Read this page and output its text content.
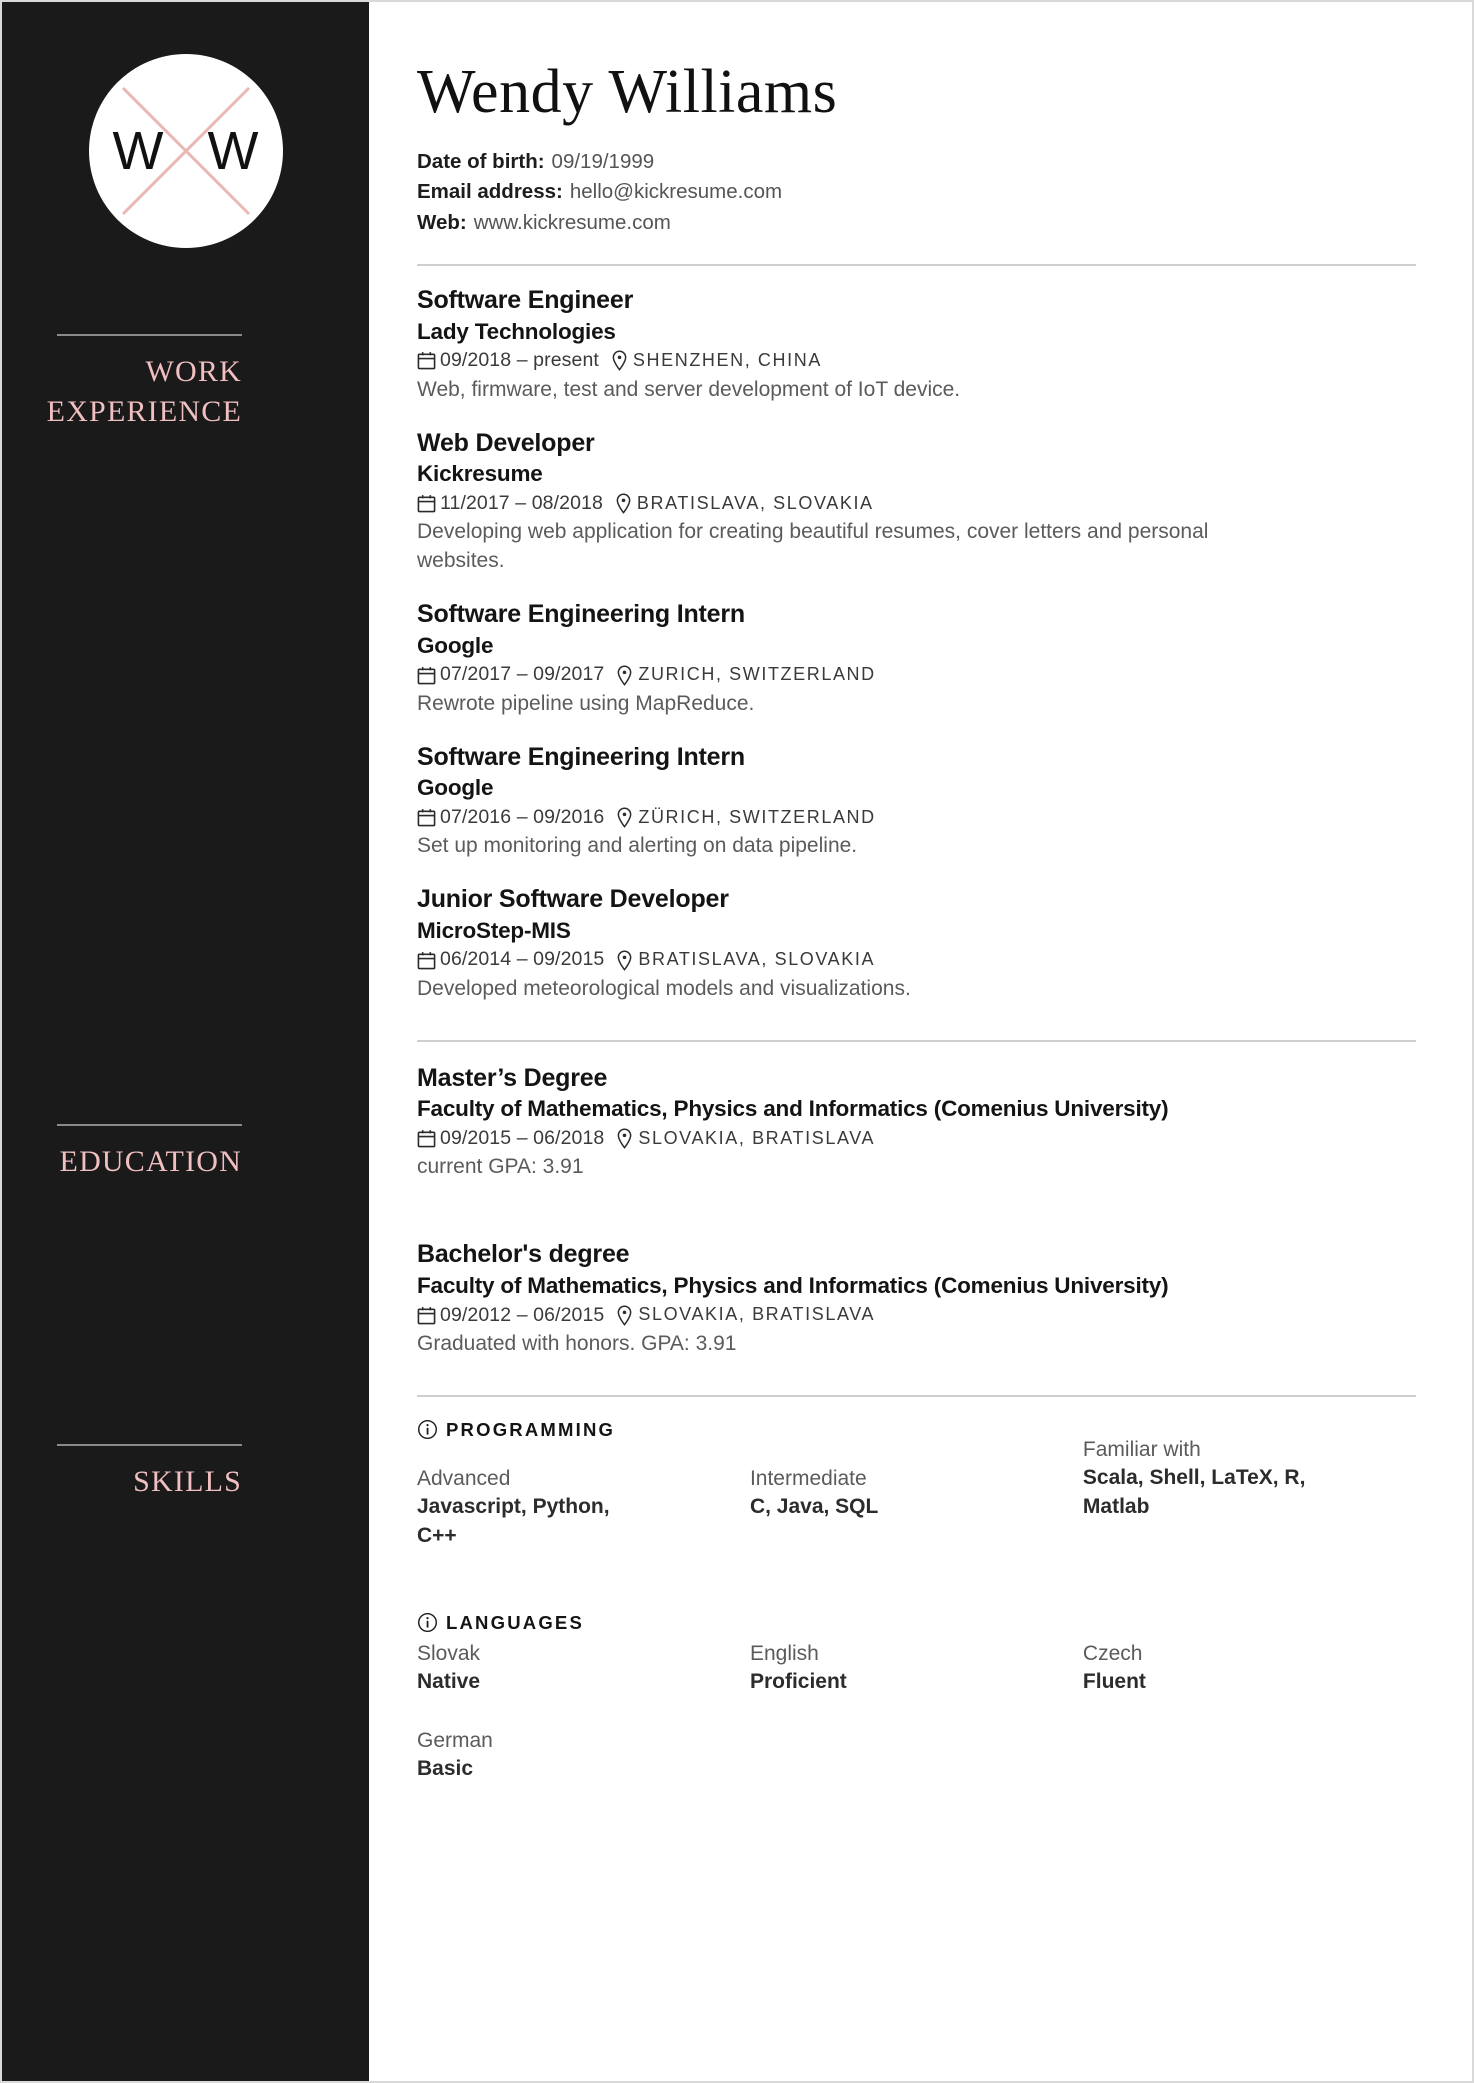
W W
WORK
EXPERIENCE
EDUCATION
SKILLS
Wendy Williams
Date of birth: 09/19/1999
Email address: hello@kickresume.com
Web: www.kickresume.com
Software Engineer
Lady Technologies
09/2018 – present SHENZHEN, CHINA
Web, firmware, test and server development of IoT device.
Web Developer
Kickresume
11/2017 – 08/2018 BRATISLAVA, SLOVAKIA
Developing web application for creating beautiful resumes, cover letters and personal websites.
Software Engineering Intern
Google
07/2017 – 09/2017 ZURICH, SWITZERLAND
Rewrote pipeline using MapReduce.
Software Engineering Intern
Google
07/2016 – 09/2016 ZÜRICH, SWITZERLAND
Set up monitoring and alerting on data pipeline.
Junior Software Developer
MicroStep-MIS
06/2014 – 09/2015 BRATISLAVA, SLOVAKIA
Developed meteorological models and visualizations.
Master’s Degree
Faculty of Mathematics, Physics and Informatics (Comenius University)
09/2015 – 06/2018 SLOVAKIA, BRATISLAVA
current GPA: 3.91
Bachelor's degree
Faculty of Mathematics, Physics and Informatics (Comenius University)
09/2012 – 06/2015 SLOVAKIA, BRATISLAVA
Graduated with honors. GPA: 3.91
PROGRAMMING
Advanced
Javascript, Python, C++
Intermediate
C, Java, SQL
Familiar with
Scala, Shell, LaTeX, R, Matlab
LANGUAGES
Slovak
Native
English
Proficient
Czech
Fluent
German
Basic
